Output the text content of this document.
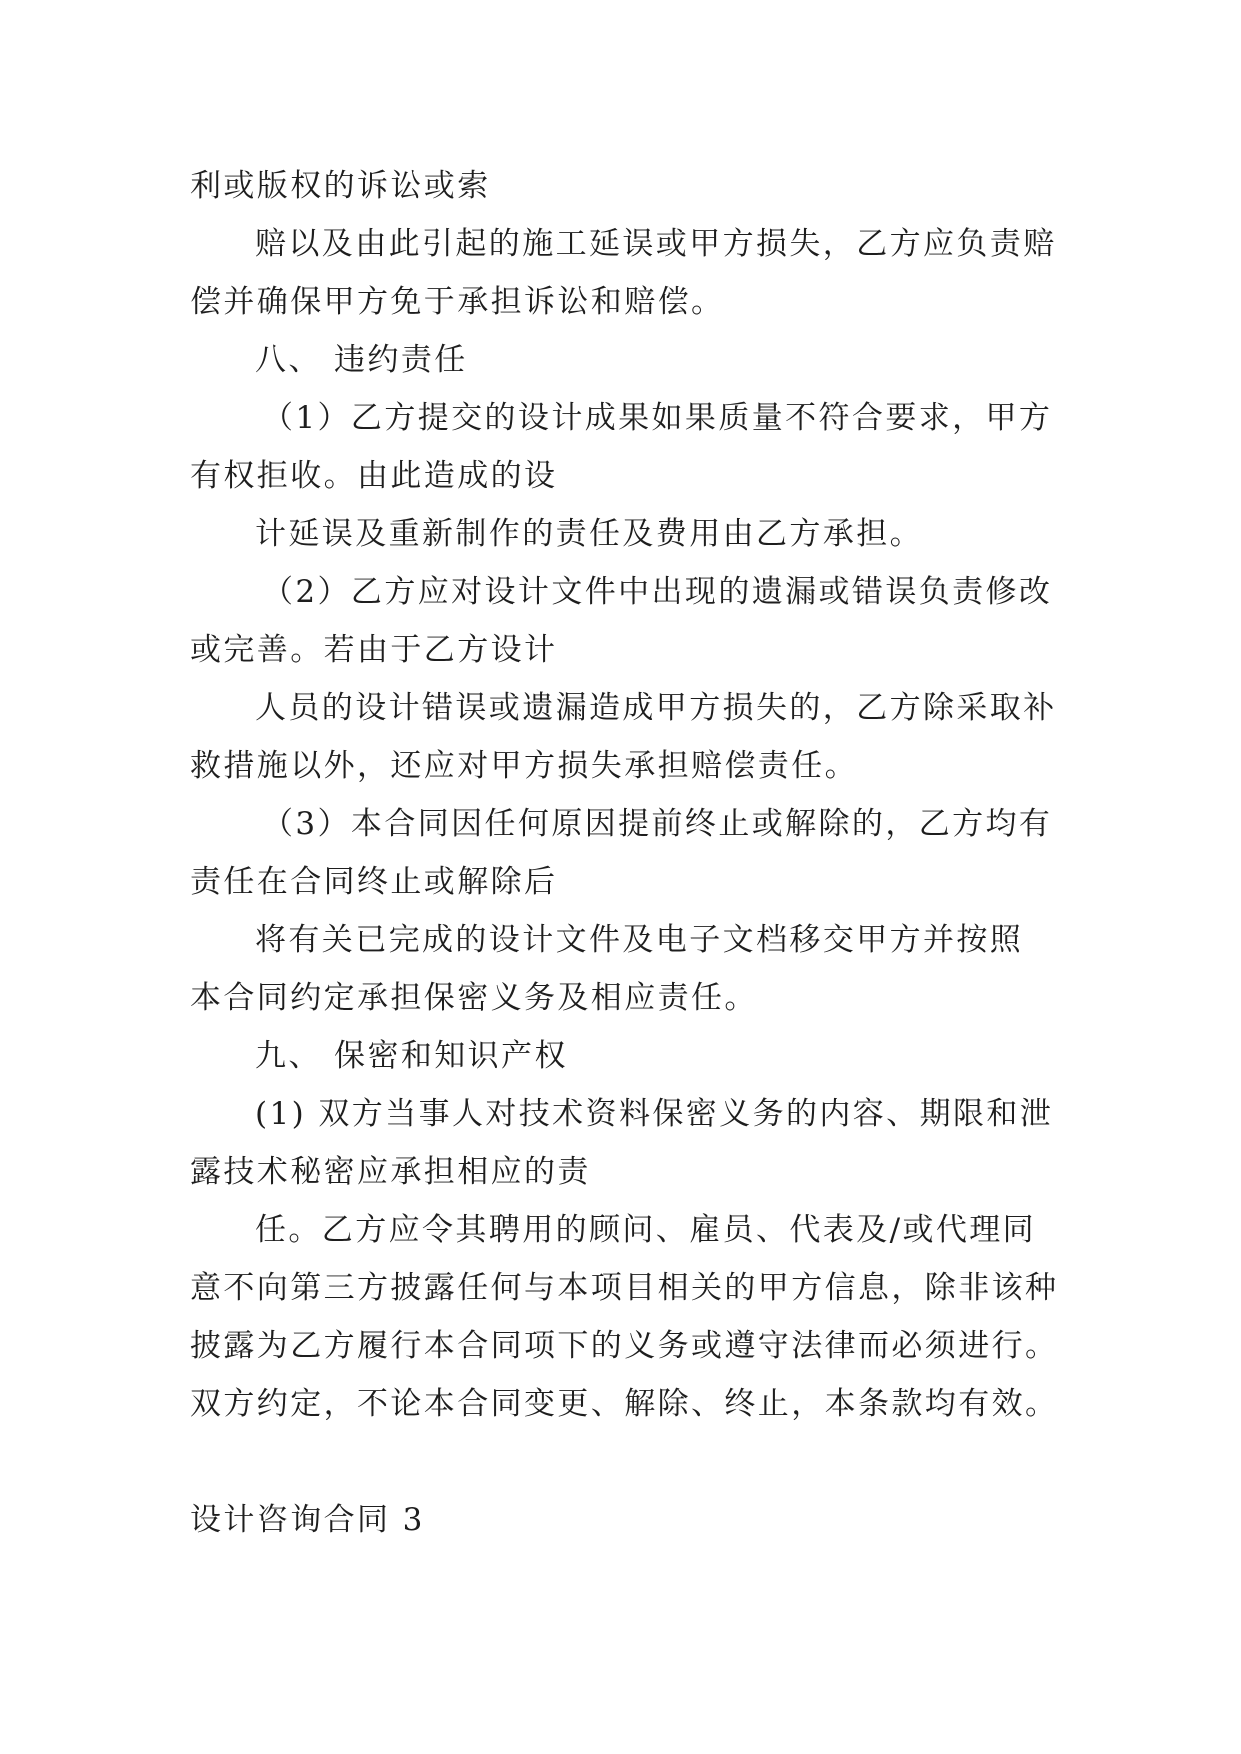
利或版权的诉讼或索
赔以及由此引起的施工延误或甲方损失，乙方应负责赔
偿并确保甲方免于承担诉讼和赔偿。
八、 违约责任
（1）乙方提交的设计成果如果质量不符合要求，甲方
有权拒收。由此造成的设
计延误及重新制作的责任及费用由乙方承担。
（2）乙方应对设计文件中出现的遗漏或错误负责修改
或完善。若由于乙方设计
人员的设计错误或遗漏造成甲方损失的，乙方除采取补
救措施以外，还应对甲方损失承担赔偿责任。
（3）本合同因任何原因提前终止或解除的，乙方均有
责任在合同终止或解除后
将有关已完成的设计文件及电子文档移交甲方并按照
本合同约定承担保密义务及相应责任。
九、 保密和知识产权
(1) 双方当事人对技术资料保密义务的内容、期限和泄
露技术秘密应承担相应的责
任。乙方应令其聘用的顾问、雇员、代表及/或代理同
意不向第三方披露任何与本项目相关的甲方信息，除非该种
披露为乙方履行本合同项下的义务或遵守法律而必须进行。
双方约定，不论本合同变更、解除、终止，本条款均有效。
设计咨询合同 3
